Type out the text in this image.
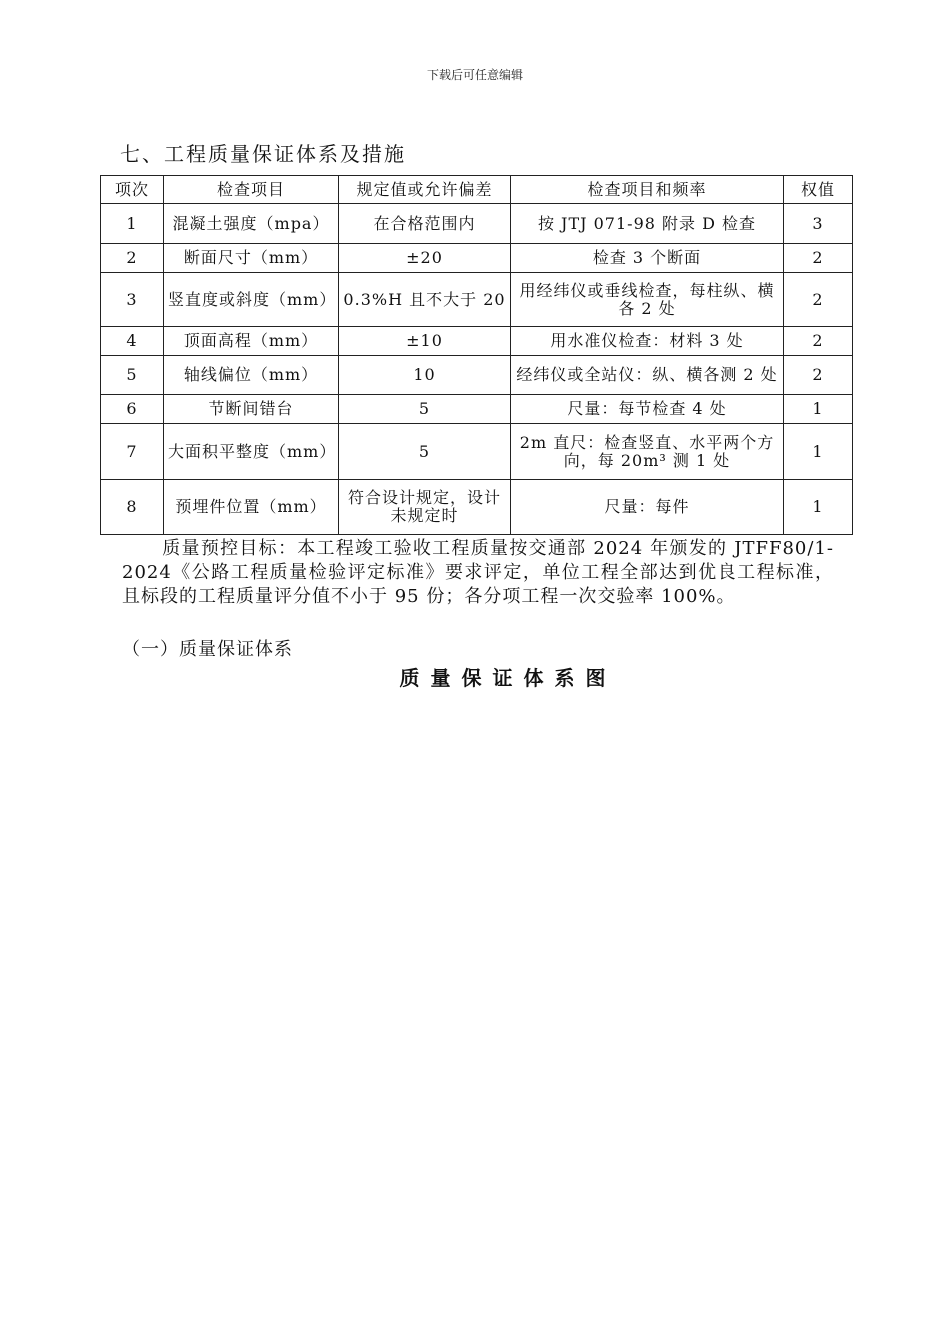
下载后可任意编辑
七、工程质量保证体系及措施
项次	检查项目	规定值或允许偏差	检查项目和频率	权值
1	混凝土强度（mpa）	在合格范围内	按 JTJ 071-98 附录 D 检查	3
2	断面尺寸（mm）	±20	检查 3 个断面	2
3	竖直度或斜度（mm）	0.3%H 且不大于 20	用经纬仪或垂线检查，每柱纵、横各 2 处	2
4	顶面高程（mm）	±10	用水准仪检查：材料 3 处	2
5	轴线偏位（mm）	10	经纬仪或全站仪：纵、横各测 2 处	2
6	节断间错台	5	尺量：每节检查 4 处	1
7	大面积平整度（mm）	5	2m 直尺：检查竖直、水平两个方向，每 20m³ 测 1 处	1
8	预埋件位置（mm）	符合设计规定，设计未规定时	尺量：每件	1
质量预控目标：本工程竣工验收工程质量按交通部 2024 年颁发的 JTFF80/1-2024《公路工程质量检验评定标准》要求评定，单位工程全部达到优良工程标准，且标段的工程质量评分值不小于 95 份；各分项工程一次交验率 100%。
（一）质量保证体系
质量保证体系图
